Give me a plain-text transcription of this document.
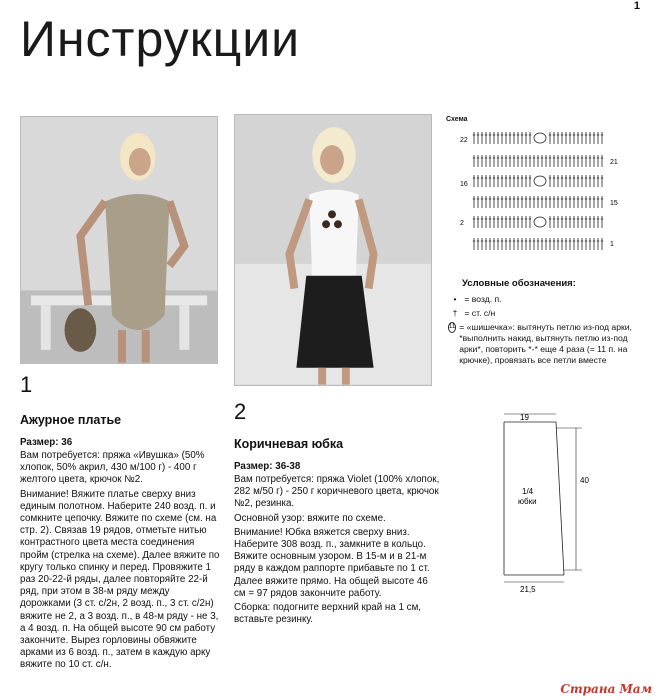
1
Инструкции
1
Ажурное платье
Размер: 36

Вам потребуется: пряжа «Ивушка» (50% хлопок, 50% акрил, 430 м/100 г) - 400 г желтого цвета, крючок №2.

Внимание! Вяжите платье сверху вниз единым полотном. Наберите 240 возд. п. и сомкните цепочку. Вяжите по схеме (см. на стр. 2). Связав 19 рядов, отметьте нитью контрастного цвета места соединения пройм (стрелка на схеме). Далее вяжите по кругу только спинку и перед. Провяжите 1 раз 20-22-й ряды, далее повторяйте 22-й ряд, при этом в 38-м ряду между дорожками (3 ст. с/2н, 2 возд. п., 3 ст. с/2н) вяжите не 2, а 3 возд. п., в 48-м ряду - не 3, а 4 возд. п. На общей высоте 90 см работу закончите. Вырез горловины обвяжите арками из 6 возд. п., затем в каждую арку вяжите по 10 ст. с/н.

2
Коричневая юбка
Размер: 36-38

Вам потребуется: пряжа Violet (100% хлопок, 282 м/50 г) - 250 г коричневого цвета, крючок №2, резинка.

Основной узор: вяжите по схеме.

Внимание! Юбка вяжется сверху вниз. Наберите 308 возд. п., замкните в кольцо. Вяжите основным узором. В 15-м и в 21-м ряду в каждом раппорте прибавьте по 1 ст. Далее вяжите прямо. На общей высоте 46 см = 97 рядов закончите работу.

Сборка: подогните верхний край на 1 см, вставьте резинку.

Схема
22
21
16
15
2
1
Условные обозначения:
• = возд. п.
† = ст. с/н
11 = «шишечка»: вытянуть петлю из-под арки, *выполнить накид, вытянуть петлю из-под арки*, повторить *-* еще 4 раза (= 11 п. на крючке), провязать все петли вместе
19
40
21,5
1/4
юбки
Страна Мам
